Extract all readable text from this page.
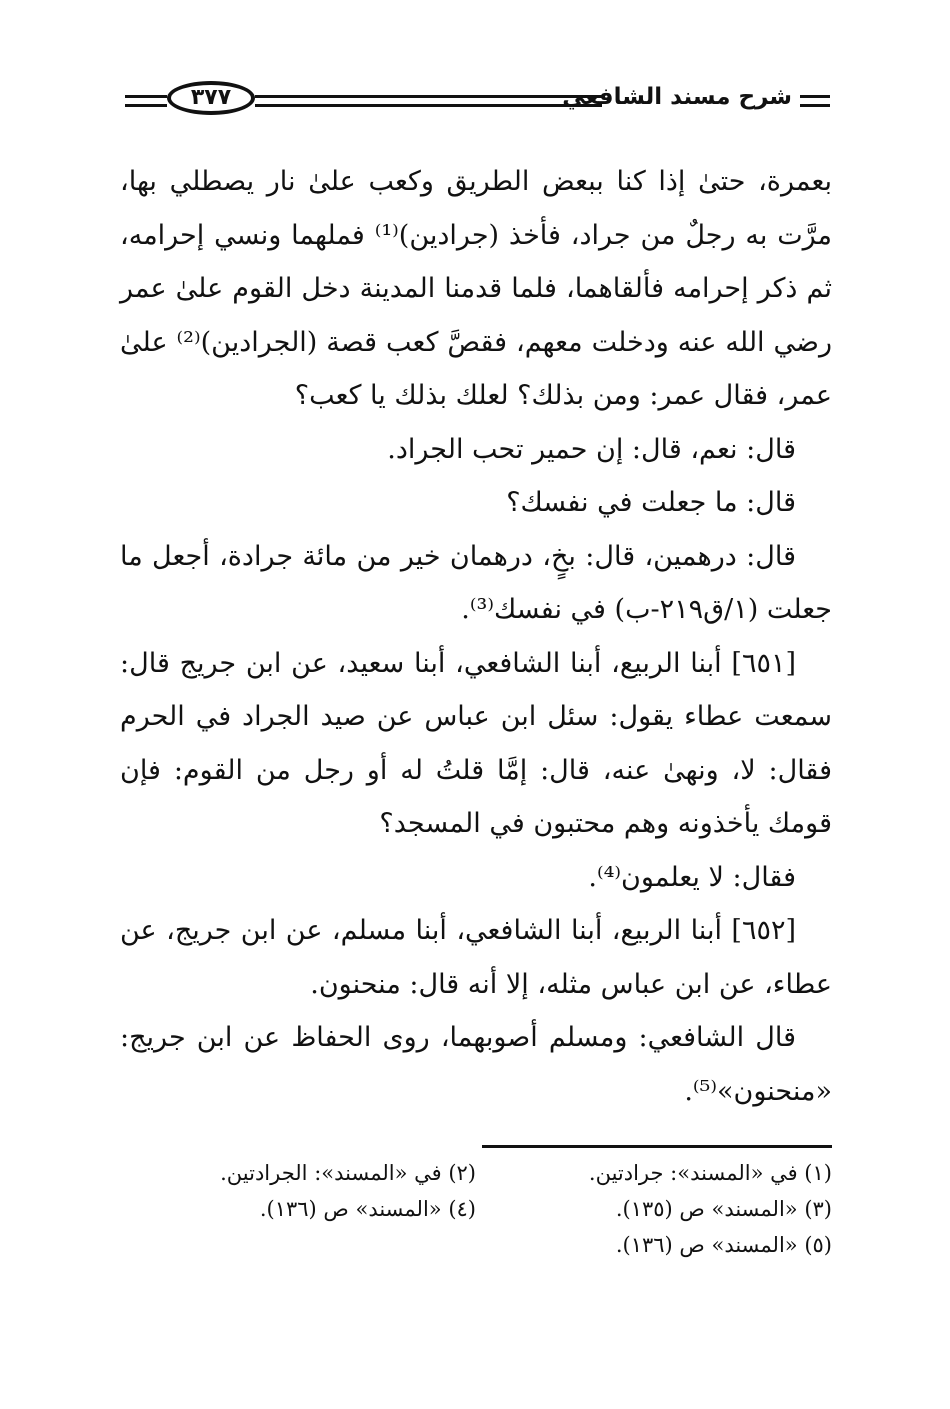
شرح مسند الشافعي
٣٧٧

بعمرة، حتىٰ إذا كنا ببعض الطريق وكعب علىٰ نار يصطلي بها، مرَّت به رجلٌ من جراد، فأخذ (جرادين)⁽¹⁾ فملهما ونسي إحرامه، ثم ذكر إحرامه فألقاهما، فلما قدمنا المدينة دخل القوم علىٰ عمر رضي الله عنه ودخلت معهم، فقصَّ كعب قصة (الجرادين)⁽²⁾ علىٰ عمر، فقال عمر: ومن بذلك؟ لعلك بذلك يا كعب؟

قال: نعم، قال: إن حمير تحب الجراد.

قال: ما جعلت في نفسك؟

قال: درهمين، قال: بخٍ، درهمان خير من مائة جرادة، أجعل ما جعلت (١/ق٢١٩-ب) في نفسك⁽³⁾.

[٦٥١] أبنا الربيع، أبنا الشافعي، أبنا سعيد، عن ابن جريج قال: سمعت عطاء يقول: سئل ابن عباس عن صيد الجراد في الحرم فقال: لا، ونهىٰ عنه، قال: إمَّا قلتُ له أو رجل من القوم: فإن قومك يأخذونه وهم محتبون في المسجد؟

فقال: لا يعلمون⁽⁴⁾.

[٦٥٢] أبنا الربيع، أبنا الشافعي، أبنا مسلم، عن ابن جريج، عن عطاء، عن ابن عباس مثله، إلا أنه قال: منحنون.

قال الشافعي: ومسلم أصوبهما، روى الحفاظ عن ابن جريج: «منحنون»⁽⁵⁾.

(١) في «المسند»: جرادتين.
(٢) في «المسند»: الجرادتين.
(٣) «المسند» ص (١٣٥).
(٤) «المسند» ص (١٣٦).
(٥) «المسند» ص (١٣٦).
